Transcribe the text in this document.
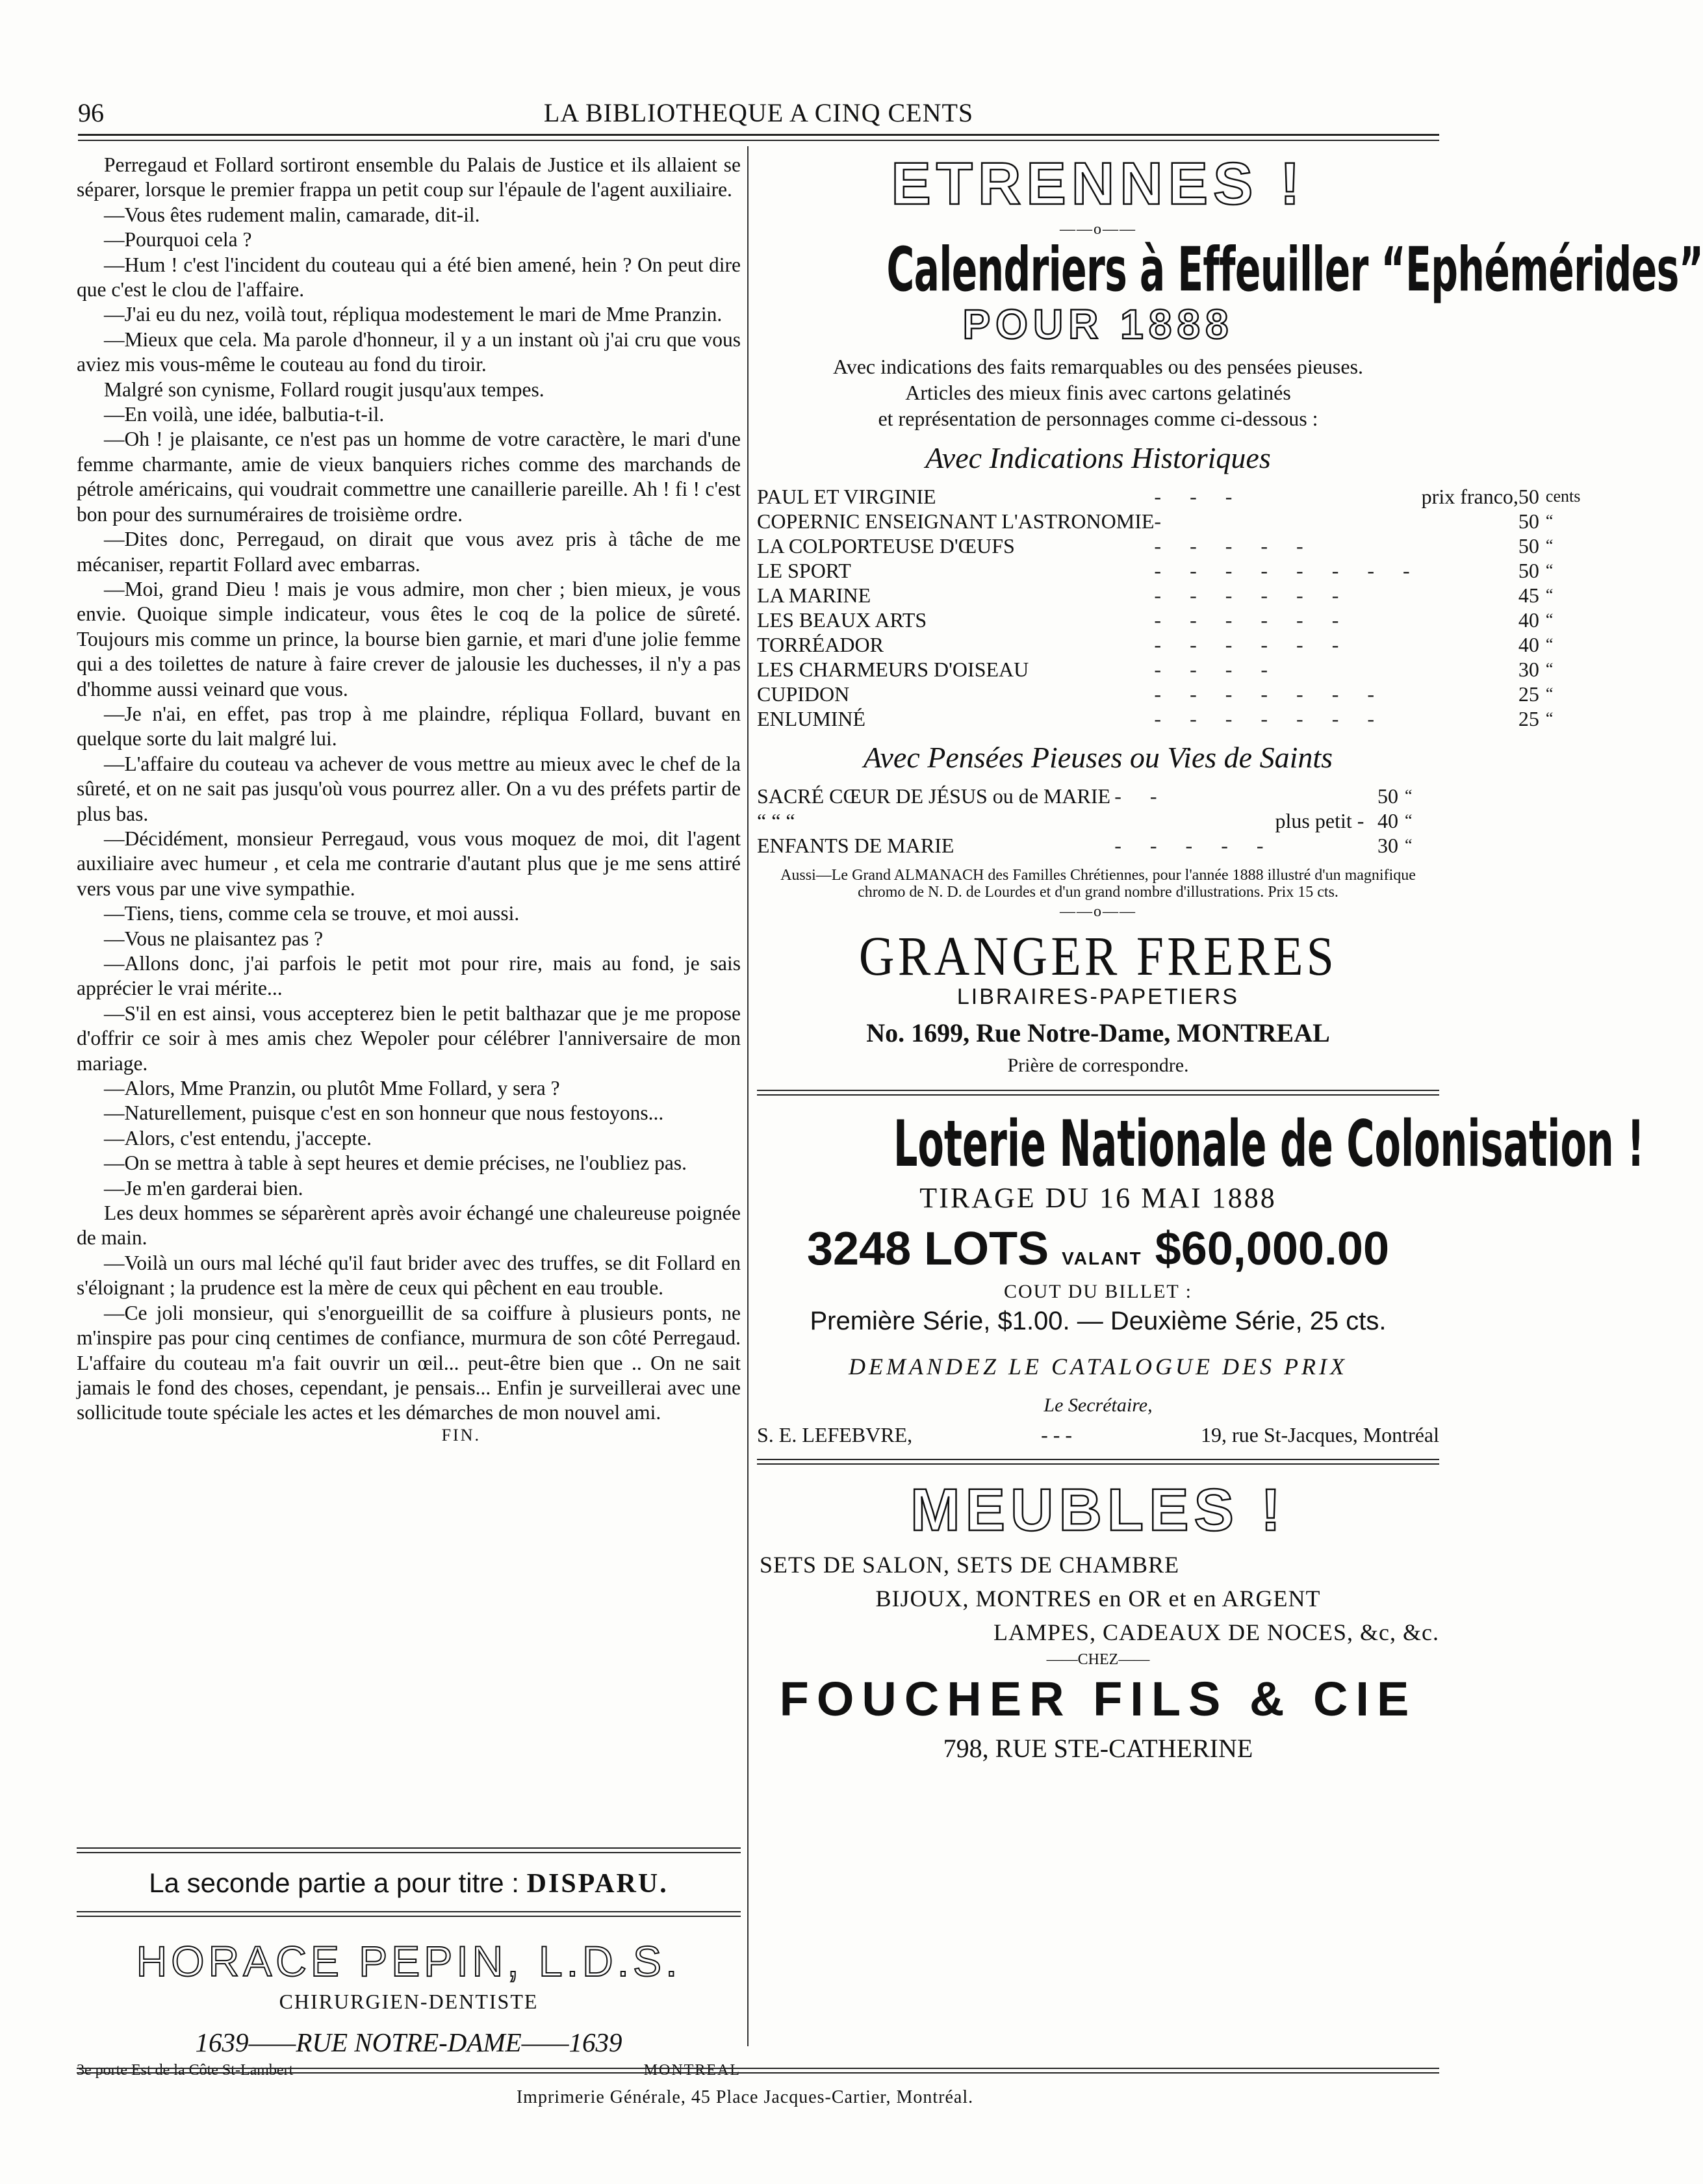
96	LA BIBLIOTHEQUE A CINQ CENTS

Perregaud et Follard sortiront ensemble du Palais de Justice et ils allaient se séparer, lorsque le premier frappa un petit coup sur l'épaule de l'agent auxiliaire.

—Vous êtes rudement malin, camarade, dit-il.

—Pourquoi cela ?

—Hum ! c'est l'incident du couteau qui a été bien amené, hein ? On peut dire que c'est le clou de l'affaire.

—J'ai eu du nez, voilà tout, répliqua modestement le mari de Mme Pranzin.

—Mieux que cela. Ma parole d'honneur, il y a un instant où j'ai cru que vous aviez mis vous-même le couteau au fond du tiroir.

Malgré son cynisme, Follard rougit jusqu'aux tempes.

—En voilà, une idée, balbutia-t-il.

—Oh ! je plaisante, ce n'est pas un homme de votre caractère, le mari d'une femme charmante, amie de vieux banquiers riches comme des marchands de pétrole américains, qui voudrait commettre une canaillerie pareille. Ah ! fi ! c'est bon pour des surnuméraires de troisième ordre.

—Dites donc, Perregaud, on dirait que vous avez pris à tâche de me mécaniser, repartit Follard avec embarras.

—Moi, grand Dieu ! mais je vous admire, mon cher ; bien mieux, je vous envie. Quoique simple indicateur, vous êtes le coq de la police de sûreté. Toujours mis comme un prince, la bourse bien garnie, et mari d'une jolie femme qui a des toilettes de nature à faire crever de jalousie les duchesses, il n'y a pas d'homme aussi veinard que vous.

—Je n'ai, en effet, pas trop à me plaindre, répliqua Follard, buvant en quelque sorte du lait malgré lui.

—L'affaire du couteau va achever de vous mettre au mieux avec le chef de la sûreté, et on ne sait pas jusqu'où vous pourrez aller. On a vu des préfets partir de plus bas.

—Décidément, monsieur Perregaud, vous vous moquez de moi, dit l'agent auxiliaire avec humeur , et cela me contrarie d'autant plus que je me sens attiré vers vous par une vive sympathie.

—Tiens, tiens, comme cela se trouve, et moi aussi.

—Vous ne plaisantez pas ?

—Allons donc, j'ai parfois le petit mot pour rire, mais au fond, je sais apprécier le vrai mérite...

—S'il en est ainsi, vous accepterez bien le petit balthazar que je me propose d'offrir ce soir à mes amis chez Wepoler pour célébrer l'anniversaire de mon mariage.

—Alors, Mme Pranzin, ou plutôt Mme Follard, y sera ?

—Naturellement, puisque c'est en son honneur que nous festoyons...

—Alors, c'est entendu, j'accepte.

—On se mettra à table à sept heures et demie précises, ne l'oubliez pas.

—Je m'en garderai bien.

Les deux hommes se séparèrent après avoir échangé une chaleureuse poignée de main.

—Voilà un ours mal léché qu'il faut brider avec des truffes, se dit Follard en s'éloignant ; la prudence est la mère de ceux qui pêchent en eau trouble.

—Ce joli monsieur, qui s'enorgueillit de sa coiffure à plusieurs ponts, ne m'inspire pas pour cinq centimes de confiance, murmura de son côté Perregaud. L'affaire du couteau m'a fait ouvrir un œil... peut-être bien que .. On ne sait jamais le fond des choses, cependant, je pensais... Enfin je surveillerai avec une sollicitude toute spéciale les actes et les démarches de mon nouvel ami.

FIN.
La seconde partie a pour titre : DISPARU.
HORACE PEPIN, L.D.S.
CHIRURGIEN-DENTISTE
1639——RUE NOTRE-DAME——1639
3e porte Est de la Côte St-Lambert	MONTREAL
ETRENNES !
——o——
Calendriers à Effeuiller “Ephémérides”
POUR 1888
Avec indications des faits remarquables ou des pensées pieuses.
Articles des mieux finis avec cartons gelatinés
et représentation de personnages comme ci-dessous :
Avec Indications Historiques
PAUL ET VIRGINIE	- - -	prix franco,	50	cents
COPERNIC ENSEIGNANT L'ASTRONOMIE	-		50	“
LA COLPORTEUSE D'ŒUFS	- - - - -		50	“
LE SPORT	- - - - - - - -		50	“
LA MARINE	- - - - - -		45	“
LES BEAUX ARTS	- - - - - -		40	“
TORRÉADOR	- - - - - -		40	“
LES CHARMEURS D'OISEAU	- - - -		30	“
CUPIDON	- - - - - - -		25	“
ENLUMINÉ	- - - - - - -		25	“
Avec Pensées Pieuses ou Vies de Saints
SACRÉ CŒUR DE JÉSUS ou de MARIE	- -		50	“
“ “ “		plus petit -	40	“
ENFANTS DE MARIE	- - - - -		30	“
Aussi—Le Grand ALMANACH des Familles Chrétiennes, pour l'année 1888 illustré d'un magnifique chromo de N. D. de Lourdes et d'un grand nombre d'illustrations. Prix 15 cts.
——o——
GRANGER FRERES
LIBRAIRES-PAPETIERS
No. 1699, Rue Notre-Dame, MONTREAL
Prière de correspondre.
Loterie Nationale de Colonisation !
TIRAGE DU 16 MAI 1888
3248 LOTS VALANT $60,000.00
COUT DU BILLET :
Première Série, $1.00. — Deuxième Série, 25 cts.
DEMANDEZ LE CATALOGUE DES PRIX
Le Secrétaire,
S. E. LEFEBVRE,	- - -	19, rue St-Jacques, Montréal
MEUBLES !
SETS DE SALON, SETS DE CHAMBRE
BIJOUX, MONTRES en OR et en ARGENT
LAMPES, CADEAUX DE NOCES, &c, &c.
——CHEZ——
FOUCHER FILS & CIE
798, RUE STE-CATHERINE
Imprimerie Générale, 45 Place Jacques-Cartier, Montréal.
